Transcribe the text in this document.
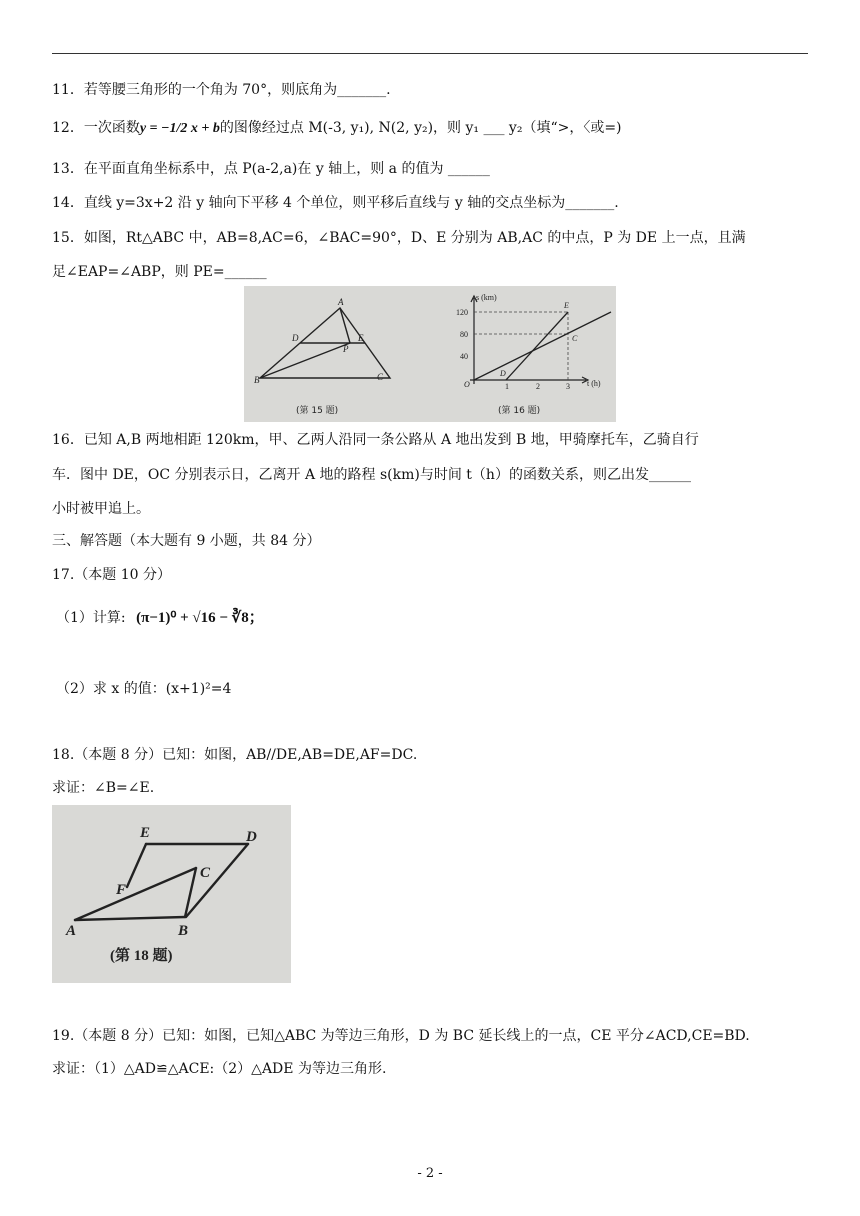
11．若等腰三角形的一个角为 70°，则底角为_______.
12．一次函数y = −1/2 x + b的图像经过点 M(-3, y₁), N(2, y₂)，则 y₁ ___ y₂（填“>，〈或=)
13．在平面直角坐标系中，点 P(a-2,a)在 y 轴上，则 a 的值为 ______
14．直线 y=3x+2 沿 y 轴向下平移 4 个单位，则平移后直线与 y 轴的交点坐标为_______.
15．如图，Rt△ABC 中，AB=8,AC=6，∠BAC=90°，D、E 分别为 AB,AC 的中点，P 为 DE 上一点，且满
足∠EAP=∠ABP，则 PE=______
A
B	C
D	E
P
(第 15 题)
s (km)
t (h)
40
80
120
1	2	3
O
D
E
C
(第 16 题)
16．已知 A,B 两地相距 120km，甲、乙两人沿同一条公路从 A 地出发到 B 地，甲骑摩托车，乙骑自行
车．图中 DE，OC 分别表示日，乙离开 A 地的路程 s(km)与时间 t（h）的函数关系，则乙出发______
小时被甲追上。
三、解答题（本大题有 9 小题，共 84 分）
17.（本题 10 分）
（1）计算: (π−1)⁰ + √16 − ∛8；
（2）求 x 的值：(x+1)²=4
18.（本题 8 分）已知：如图，AB//DE,AB=DE,AF=DC.
求证：∠B=∠E.
E	D
C
F
A	B
(第 18 题)
19.（本题 8 分）已知：如图，已知△ABC 为等边三角形，D 为 BC 延长线上的一点，CE 平分∠ACD,CE=BD.
求证：（1）△AD≌△ACE:（2）△ADE 为等边三角形.
- 2 -
